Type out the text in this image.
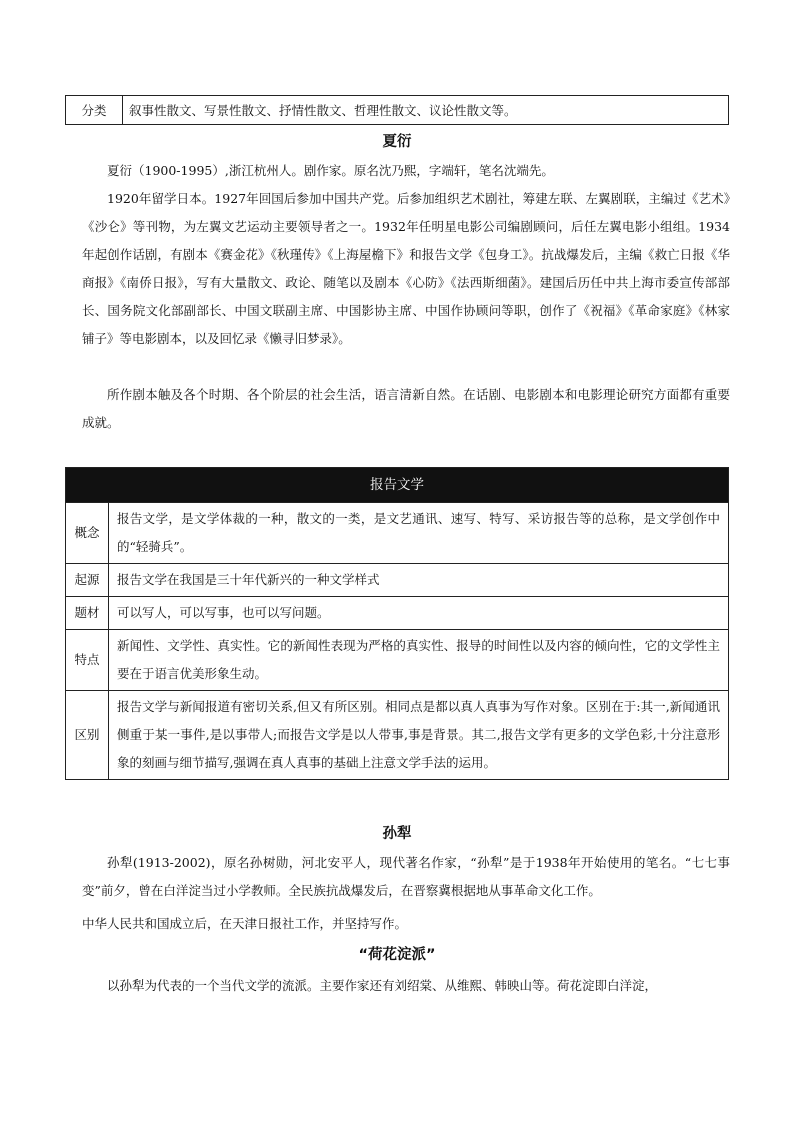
分类	叙事性散文、写景性散文、抒情性散文、哲理性散文、议论性散文等。
夏衍

夏衍（1900-1995）,浙江杭州人。剧作家。原名沈乃熙，字端轩，笔名沈端先。

1920年留学日本。1927年回国后参加中国共产党。后参加组织艺术剧社，筹建左联、左翼剧联，主编过《艺术》《沙仑》等刊物，为左翼文艺运动主要领导者之一。1932年任明星电影公司编剧顾问，后任左翼电影小组组。1934年起创作话剧，有剧本《赛金花》《秋瑾传》《上海屋檐下》和报告文学《包身工》。抗战爆发后，主编《救亡日报《华商报》《南侨日报》，写有大量散文、政论、随笔以及剧本《心防》《法西斯细菌》。建国后历任中共上海市委宣传部部长、国务院文化部副部长、中国文联副主席、中国影协主席、中国作协顾问等职，创作了《祝福》《革命家庭》《林家铺子》等电影剧本，以及回忆录《懒寻旧梦录》。

所作剧本触及各个时期、各个阶层的社会生活，语言清新自然。在话剧、电影剧本和电影理论研究方面都有重要成就。

报告文学	
概念	报告文学，是文学体裁的一种，散文的一类，是文艺通讯、速写、特写、采访报告等的总称，是文学创作中的“轻骑兵”。
起源	报告文学在我国是三十年代新兴的一种文学样式
题材	可以写人，可以写事，也可以写问题。
特点	新闻性、文学性、真实性。它的新闻性表现为严格的真实性、报导的时间性以及内容的倾向性，它的文学性主要在于语言优美形象生动。
区别	报告文学与新闻报道有密切关系,但又有所区别。相同点是都以真人真事为写作对象。区别在于:其一,新闻通讯侧重于某一事件,是以事带人;而报告文学是以人带事,事是背景。其二,报告文学有更多的文学色彩,十分注意形象的刻画与细节描写,强调在真人真事的基础上注意文学手法的运用。
孙犁

孙犁(1913-2002)，原名孙树勋，河北安平人，现代著名作家，“孙犁”是于1938年开始使用的笔名。“七七事变”前夕，曾在白洋淀当过小学教师。全民族抗战爆发后，在晋察冀根据地从事革命文化工作。

中华人民共和国成立后，在天津日报社工作，并坚持写作。

“荷花淀派”

以孙犁为代表的一个当代文学的流派。主要作家还有刘绍棠、从维熙、韩映山等。荷花淀即白洋淀，
